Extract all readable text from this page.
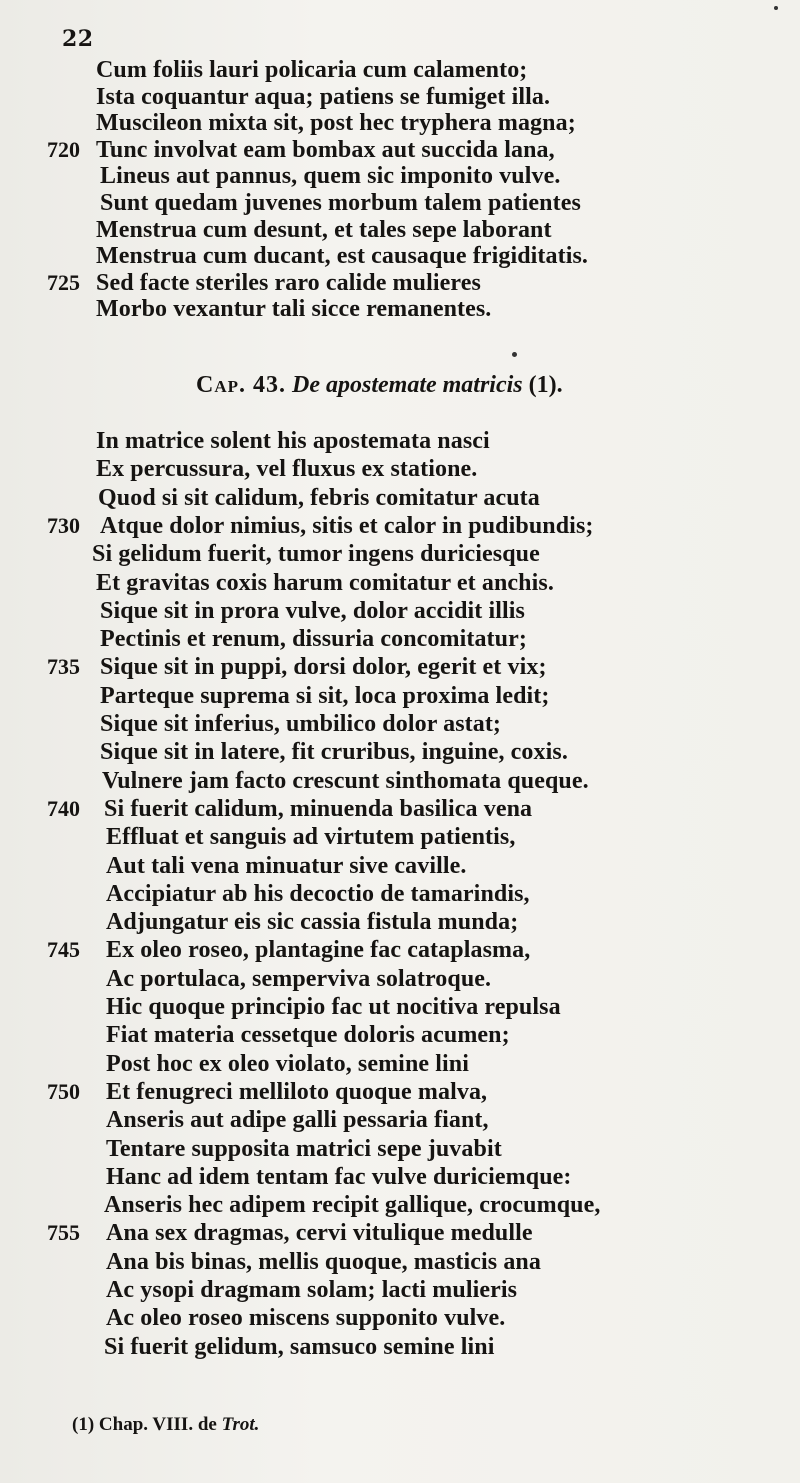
22
Cum foliis lauri policaria cum calamento;
Ista coquantur aqua; patiens se fumiget illa.
Muscileon mixta sit, post hec tryphera magna;
Tunc involvat eam bombax aut succida lana,
720
Lineus aut pannus, quem sic imponito vulve.
Sunt quedam juvenes morbum talem patientes
Menstrua cum desunt, et tales sepe laborant
Menstrua cum ducant, est causaque frigiditatis.
Sed facte steriles raro calide mulieres
725
Morbo vexantur tali sicce remanentes.
Cap. 43. De apostemate matricis (1).
In matrice solent his apostemata nasci
Ex percussura, vel fluxus ex statione.
Quod si sit calidum, febris comitatur acuta
Atque dolor nimius, sitis et calor in pudibundis;
730
Si gelidum fuerit, tumor ingens duriciesque
Et gravitas coxis harum comitatur et anchis.
Sique sit in prora vulve, dolor accidit illis
Pectinis et renum, dissuria concomitatur;
Sique sit in puppi, dorsi dolor, egerit et vix;
735
Parteque suprema si sit, loca proxima ledit;
Sique sit inferius, umbilico dolor astat;
Sique sit in latere, fit cruribus, inguine, coxis.
Vulnere jam facto crescunt sinthomata queque.
Si fuerit calidum, minuenda basilica vena
740
Effluat et sanguis ad virtutem patientis,
Aut tali vena minuatur sive caville.
Accipiatur ab his decoctio de tamarindis,
Adjungatur eis sic cassia fistula munda;
Ex oleo roseo, plantagine fac cataplasma,
745
Ac portulaca, semperviva solatroque.
Hic quoque principio fac ut nocitiva repulsa
Fiat materia cessetque doloris acumen;
Post hoc ex oleo violato, semine lini
Et fenugreci melliloto quoque malva,
750
Anseris aut adipe galli pessaria fiant,
Tentare supposita matrici sepe juvabit
Hanc ad idem tentam fac vulve duriciemque:
Anseris hec adipem recipit gallique, crocumque,
Ana sex dragmas, cervi vitulique medulle
755
Ana bis binas, mellis quoque, masticis ana
Ac ysopi dragmam solam; lacti mulieris
Ac oleo roseo miscens supponito vulve.
Si fuerit gelidum, samsuco semine lini
(1) Chap. VIII. de Trot.
